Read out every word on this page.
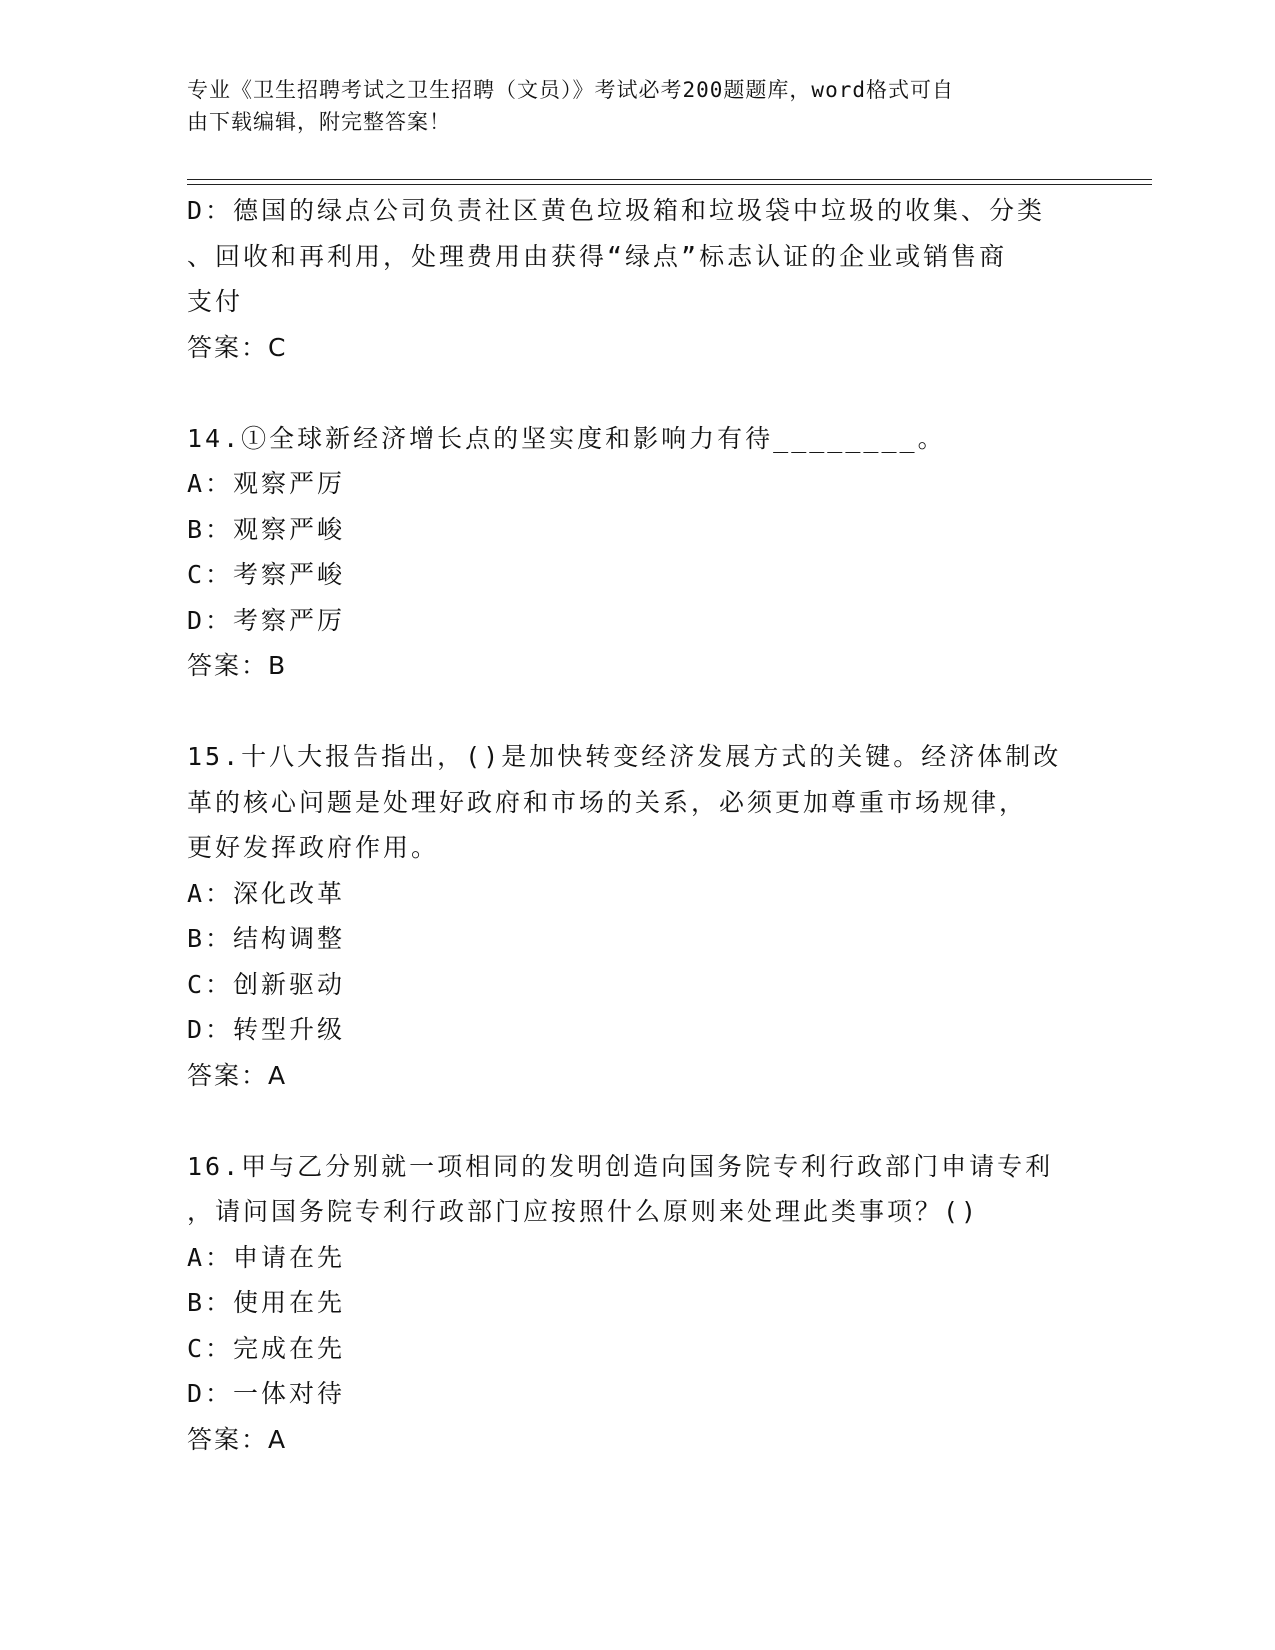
专业《卫生招聘考试之卫生招聘（文员）》考试必考200题题库，word格式可自
由下载编辑，附完整答案！
D：德国的绿点公司负责社区黄色垃圾箱和垃圾袋中垃圾的收集、分类
、回收和再利用，处理费用由获得“绿点”标志认证的企业或销售商
支付
答案：C
14.①全球新经济增长点的坚实度和影响力有待________。
A：观察严厉
B：观察严峻
C：考察严峻
D：考察严厉
答案：B
15.十八大报告指出，()是加快转变经济发展方式的关键。经济体制改
革的核心问题是处理好政府和市场的关系，必须更加尊重市场规律，
更好发挥政府作用。
A：深化改革
B：结构调整
C：创新驱动
D：转型升级
答案：A
16.甲与乙分别就一项相同的发明创造向国务院专利行政部门申请专利
，请问国务院专利行政部门应按照什么原则来处理此类事项？()
A：申请在先
B：使用在先
C：完成在先
D：一体对待
答案：A
